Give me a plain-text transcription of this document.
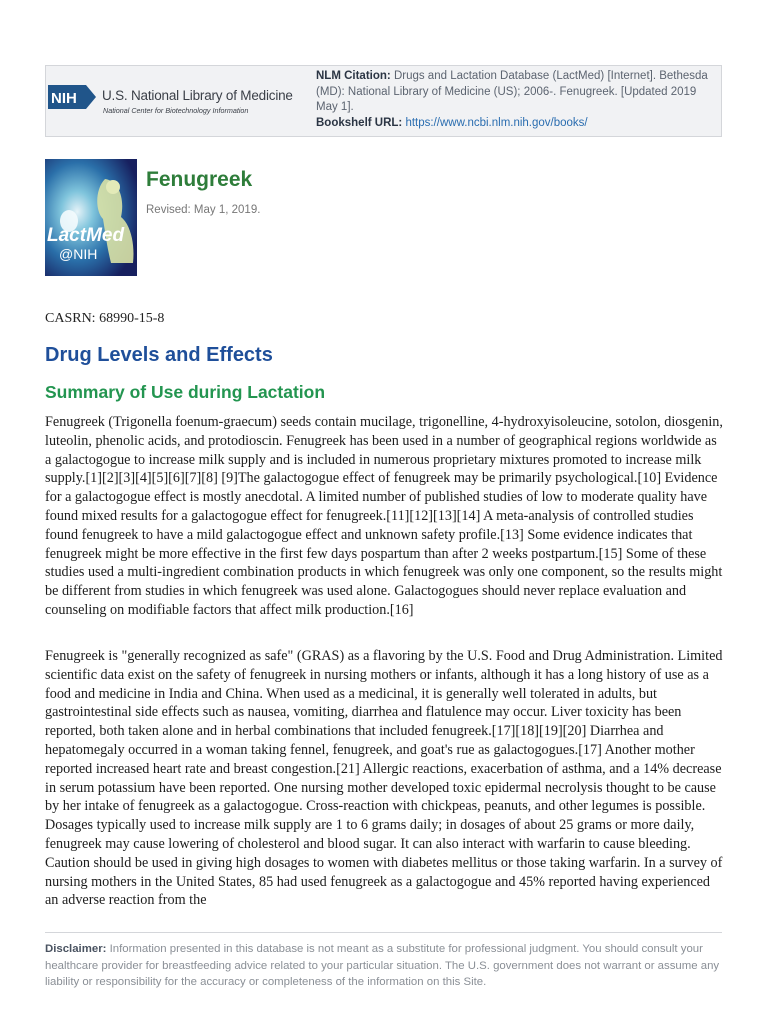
NIH U.S. National Library of Medicine
National Center for Biotechnology Information
NLM Citation: Drugs and Lactation Database (LactMed) [Internet]. Bethesda (MD): National Library of Medicine (US); 2006-. Fenugreek. [Updated 2019 May 1].
Bookshelf URL: https://www.ncbi.nlm.nih.gov/books/
LactMed
@NIH
Fenugreek
Revised: May 1, 2019.
CASRN: 68990-15-8
Drug Levels and Effects
Summary of Use during Lactation

Fenugreek (Trigonella foenum-graecum) seeds contain mucilage, trigonelline, 4-hydroxyisoleucine, sotolon, diosgenin, luteolin, phenolic acids, and protodioscin. Fenugreek has been used in a number of geographical regions worldwide as a galactogogue to increase milk supply and is included in numerous proprietary mixtures promoted to increase milk supply.[1][2][3][4][5][6][7][8] [9]The galactogogue effect of fenugreek may be primarily psychological.[10] Evidence for a galactogogue effect is mostly anecdotal. A limited number of published studies of low to moderate quality have found mixed results for a galactogogue effect for fenugreek.[11][12][13][14] A meta-analysis of controlled studies found fenugreek to have a mild galactogogue effect and unknown safety profile.[13] Some evidence indicates that fenugreek might be more effective in the first few days pospartum than after 2 weeks postpartum.[15] Some of these studies used a multi-ingredient combination products in which fenugreek was only one component, so the results might be different from studies in which fenugreek was used alone. Galactogogues should never replace evaluation and counseling on modifiable factors that affect milk production.[16]

Fenugreek is "generally recognized as safe" (GRAS) as a flavoring by the U.S. Food and Drug Administration. Limited scientific data exist on the safety of fenugreek in nursing mothers or infants, although it has a long history of use as a food and medicine in India and China. When used as a medicinal, it is generally well tolerated in adults, but gastrointestinal side effects such as nausea, vomiting, diarrhea and flatulence may occur. Liver toxicity has been reported, both taken alone and in herbal combinations that included fenugreek.[17][18][19][20] Diarrhea and hepatomegaly occurred in a woman taking fennel, fenugreek, and goat's rue as galactogogues.[17] Another mother reported increased heart rate and breast congestion.[21] Allergic reactions, exacerbation of asthma, and a 14% decrease in serum potassium have been reported. One nursing mother developed toxic epidermal necrolysis thought to be cause by her intake of fenugreek as a galactogogue. Cross-reaction with chickpeas, peanuts, and other legumes is possible. Dosages typically used to increase milk supply are 1 to 6 grams daily; in dosages of about 25 grams or more daily, fenugreek may cause lowering of cholesterol and blood sugar. It can also interact with warfarin to cause bleeding. Caution should be used in giving high dosages to women with diabetes mellitus or those taking warfarin. In a survey of nursing mothers in the United States, 85 had used fenugreek as a galactogogue and 45% reported having experienced an adverse reaction from the

Disclaimer: Information presented in this database is not meant as a substitute for professional judgment. You should consult your healthcare provider for breastfeeding advice related to your particular situation. The U.S. government does not warrant or assume any liability or responsibility for the accuracy or completeness of the information on this Site.
